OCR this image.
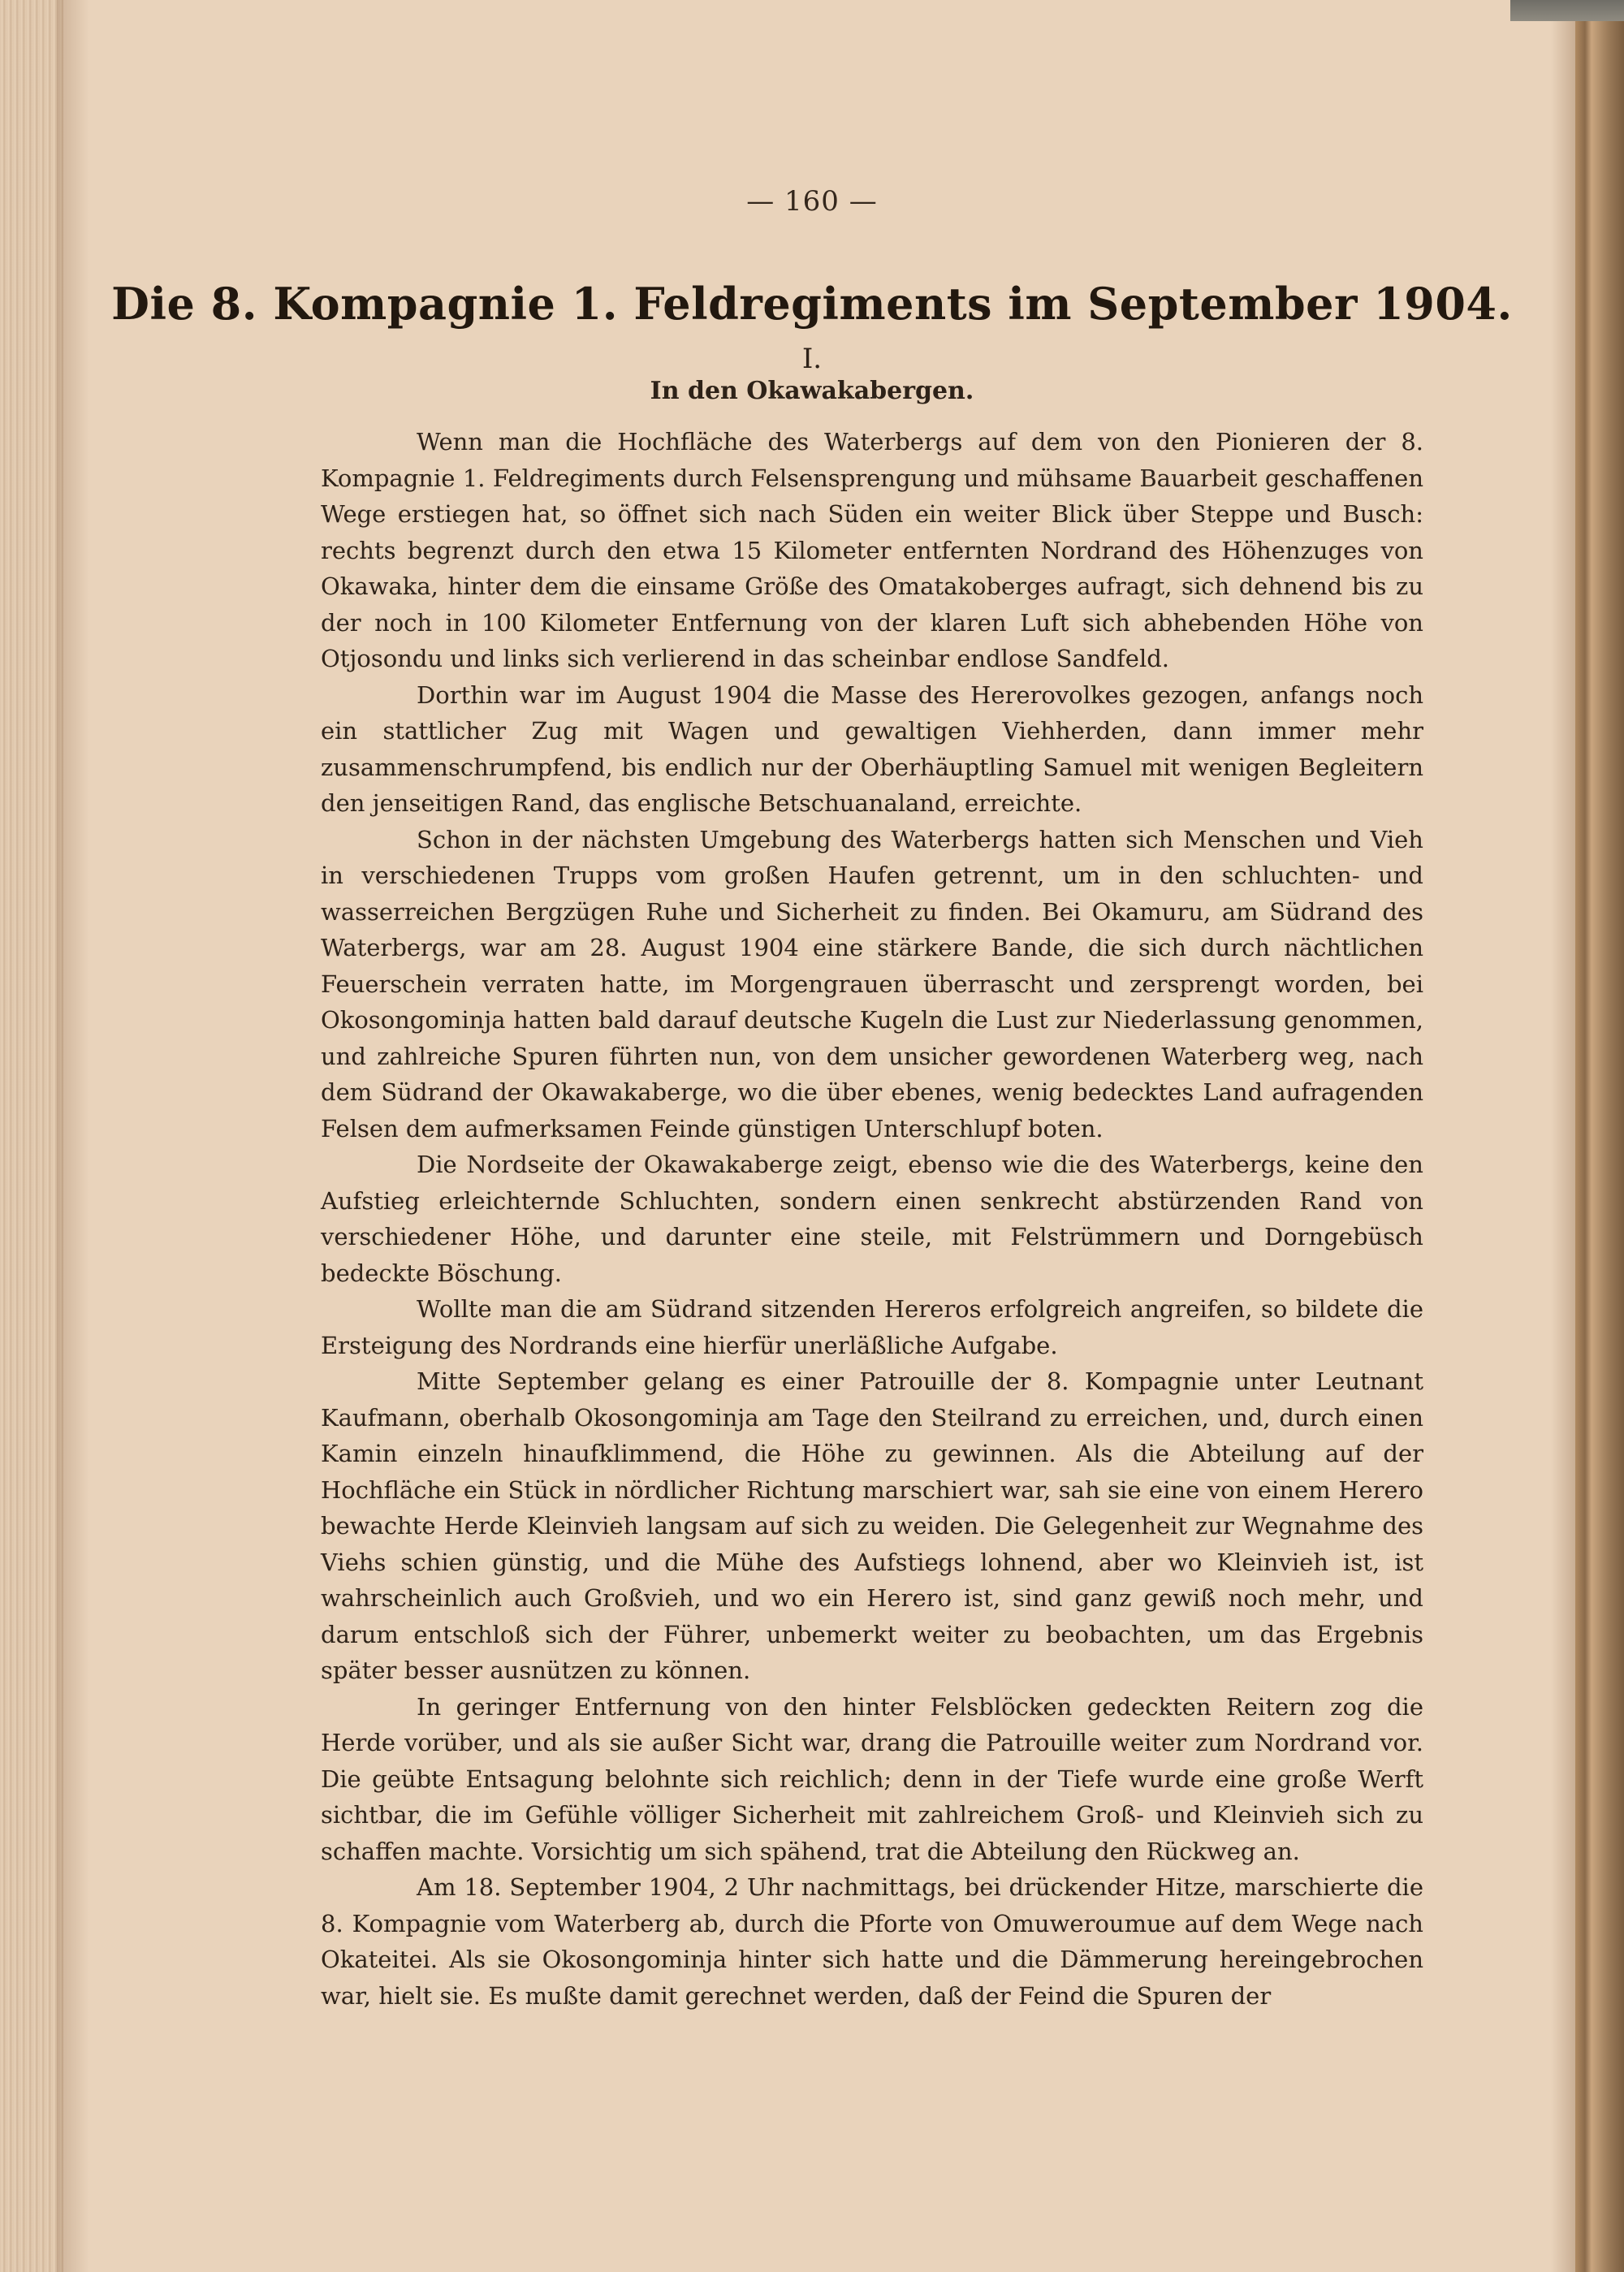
— 160 —
Die 8. Kompagnie 1. Feldregiments im September 1904.
I.
In den Okawakabergen.

Wenn man die Hochfläche des Waterbergs auf dem von den Pionieren der 8. Kompagnie 1. Feldregiments durch Felsensprengung und mühsame Bauarbeit geschaffenen Wege erstiegen hat, so öffnet sich nach Süden ein weiter Blick über Steppe und Busch: rechts begrenzt durch den etwa 15 Kilometer entfernten Nordrand des Höhenzuges von Okawaka, hinter dem die einsame Größe des Omatakoberges aufragt, sich dehnend bis zu der noch in 100 Kilometer Entfernung von der klaren Luft sich abhebenden Höhe von Otjosondu und links sich verlierend in das scheinbar endlose Sandfeld.

Dorthin war im August 1904 die Masse des Hererovolkes gezogen, anfangs noch ein stattlicher Zug mit Wagen und gewaltigen Viehherden, dann immer mehr zusammenschrumpfend, bis endlich nur der Oberhäuptling Samuel mit wenigen Begleitern den jenseitigen Rand, das englische Betschuanaland, erreichte.

Schon in der nächsten Umgebung des Waterbergs hatten sich Menschen und Vieh in verschiedenen Trupps vom großen Haufen getrennt, um in den schluchten- und wasserreichen Bergzügen Ruhe und Sicherheit zu finden. Bei Okamuru, am Südrand des Waterbergs, war am 28. August 1904 eine stärkere Bande, die sich durch nächtlichen Feuerschein verraten hatte, im Morgengrauen überrascht und zersprengt worden, bei Okosongominja hatten bald darauf deutsche Kugeln die Lust zur Niederlassung genommen, und zahlreiche Spuren führten nun, von dem unsicher gewordenen Waterberg weg, nach dem Südrand der Okawakaberge, wo die über ebenes, wenig bedecktes Land aufragenden Felsen dem aufmerksamen Feinde günstigen Unterschlupf boten.

Die Nordseite der Okawakaberge zeigt, ebenso wie die des Waterbergs, keine den Aufstieg erleichternde Schluchten, sondern einen senkrecht abstürzenden Rand von verschiedener Höhe, und darunter eine steile, mit Felstrümmern und Dorngebüsch bedeckte Böschung.

Wollte man die am Südrand sitzenden Hereros erfolgreich angreifen, so bildete die Ersteigung des Nordrands eine hierfür unerläßliche Aufgabe.

Mitte September gelang es einer Patrouille der 8. Kompagnie unter Leutnant Kaufmann, oberhalb Okosongominja am Tage den Steilrand zu erreichen, und, durch einen Kamin einzeln hinaufklimmend, die Höhe zu gewinnen. Als die Abteilung auf der Hochfläche ein Stück in nördlicher Richtung marschiert war, sah sie eine von einem Herero bewachte Herde Kleinvieh langsam auf sich zu weiden. Die Gelegenheit zur Wegnahme des Viehs schien günstig, und die Mühe des Aufstiegs lohnend, aber wo Kleinvieh ist, ist wahrscheinlich auch Großvieh, und wo ein Herero ist, sind ganz gewiß noch mehr, und darum entschloß sich der Führer, unbemerkt weiter zu beobachten, um das Ergebnis später besser ausnützen zu können.

In geringer Entfernung von den hinter Felsblöcken gedeckten Reitern zog die Herde vorüber, und als sie außer Sicht war, drang die Patrouille weiter zum Nordrand vor. Die geübte Entsagung belohnte sich reichlich; denn in der Tiefe wurde eine große Werft sichtbar, die im Gefühle völliger Sicherheit mit zahlreichem Groß- und Kleinvieh sich zu schaffen machte. Vorsichtig um sich spähend, trat die Abteilung den Rückweg an.

Am 18. September 1904, 2 Uhr nachmittags, bei drückender Hitze, marschierte die 8. Kompagnie vom Waterberg ab, durch die Pforte von Omuweroumue auf dem Wege nach Okateitei. Als sie Okosongominja hinter sich hatte und die Dämmerung hereingebrochen war, hielt sie. Es mußte damit gerechnet werden, daß der Feind die Spuren der
